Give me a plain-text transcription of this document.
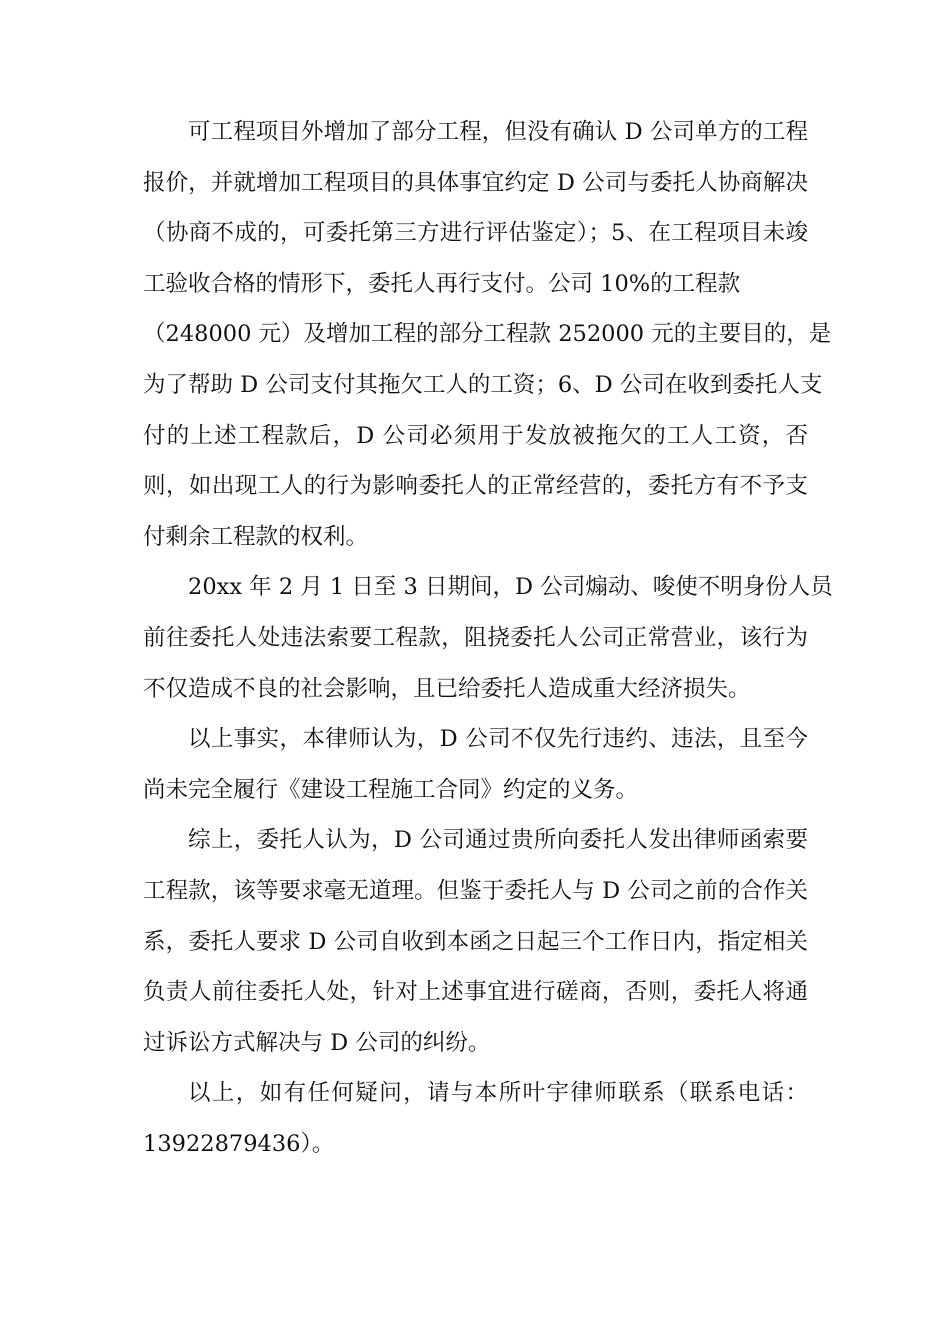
可工程项目外增加了部分工程，但没有确认 D 公司单方的工程
报价，并就增加工程项目的具体事宜约定 D 公司与委托人协商解决
（协商不成的，可委托第三方进行评估鉴定）；5、在工程项目未竣
工验收合格的情形下，委托人再行支付。公司 10%的工程款
（248000 元）及增加工程的部分工程款 252000 元的主要目的，是
为了帮助 D 公司支付其拖欠工人的工资；6、D 公司在收到委托人支
付的上述工程款后，D 公司必须用于发放被拖欠的工人工资，否
则，如出现工人的行为影响委托人的正常经营的，委托方有不予支
付剩余工程款的权利。
20xx 年 2 月 1 日至 3 日期间，D 公司煽动、唆使不明身份人员
前往委托人处违法索要工程款，阻挠委托人公司正常营业，该行为
不仅造成不良的社会影响，且已给委托人造成重大经济损失。
以上事实，本律师认为，D 公司不仅先行违约、违法，且至今
尚未完全履行《建设工程施工合同》约定的义务。
综上，委托人认为，D 公司通过贵所向委托人发出律师函索要
工程款，该等要求毫无道理。但鉴于委托人与 D 公司之前的合作关
系，委托人要求 D 公司自收到本函之日起三个工作日内，指定相关
负责人前往委托人处，针对上述事宜进行磋商，否则，委托人将通
过诉讼方式解决与 D 公司的纠纷。
以上，如有任何疑问，请与本所叶宇律师联系（联系电话：
13922879436）。
